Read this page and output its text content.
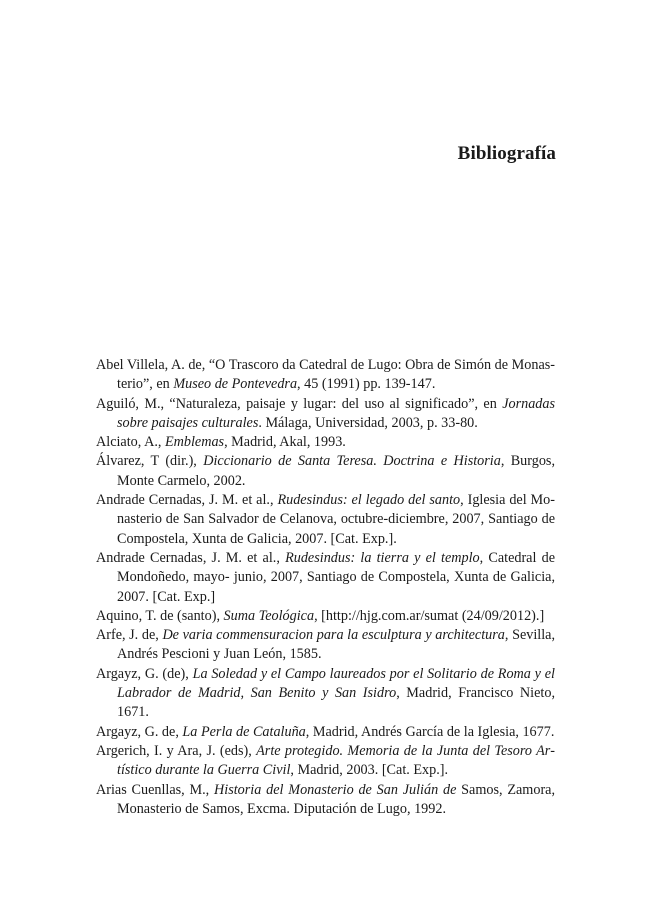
Bibliografía
Abel Villela, A. de, “O Trascoro da Catedral de Lugo: Obra de Simón de Monasterio”, en Museo de Pontevedra, 45 (1991) pp. 139-147.
Aguiló, M., “Naturaleza, paisaje y lugar: del uso al significado”, en Jornadas sobre paisajes culturales. Málaga, Universidad, 2003, p. 33-80.
Alciato, A., Emblemas, Madrid, Akal, 1993.
Álvarez, T (dir.), Diccionario de Santa Teresa. Doctrina e Historia, Burgos, Monte Carmelo, 2002.
Andrade Cernadas, J. M. et al., Rudesindus: el legado del santo, Iglesia del Monasterio de San Salvador de Celanova, octubre-diciembre, 2007, Santiago de Compostela, Xunta de Galicia, 2007. [Cat. Exp.].
Andrade Cernadas, J. M. et al., Rudesindus: la tierra y el templo, Catedral de Mondoñedo, mayo- junio, 2007, Santiago de Compostela, Xunta de Galicia, 2007. [Cat. Exp.]
Aquino, T. de (santo), Suma Teológica, [http://hjg.com.ar/sumat (24/09/2012).]
Arfe, J. de, De varia commensuracion para la esculptura y architectura, Sevilla, Andrés Pescioni y Juan León, 1585.
Argayz, G. (de), La Soledad y el Campo laureados por el Solitario de Roma y el Labrador de Madrid, San Benito y San Isidro, Madrid, Francisco Nieto, 1671.
Argayz, G. de, La Perla de Cataluña, Madrid, Andrés García de la Iglesia, 1677.
Argerich, I. y Ara, J. (eds), Arte protegido. Memoria de la Junta del Tesoro Artístico durante la Guerra Civil, Madrid, 2003. [Cat. Exp.].
Arias Cuenllas, M., Historia del Monasterio de San Julián de Samos, Zamora, Monasterio de Samos, Excma. Diputación de Lugo, 1992.
